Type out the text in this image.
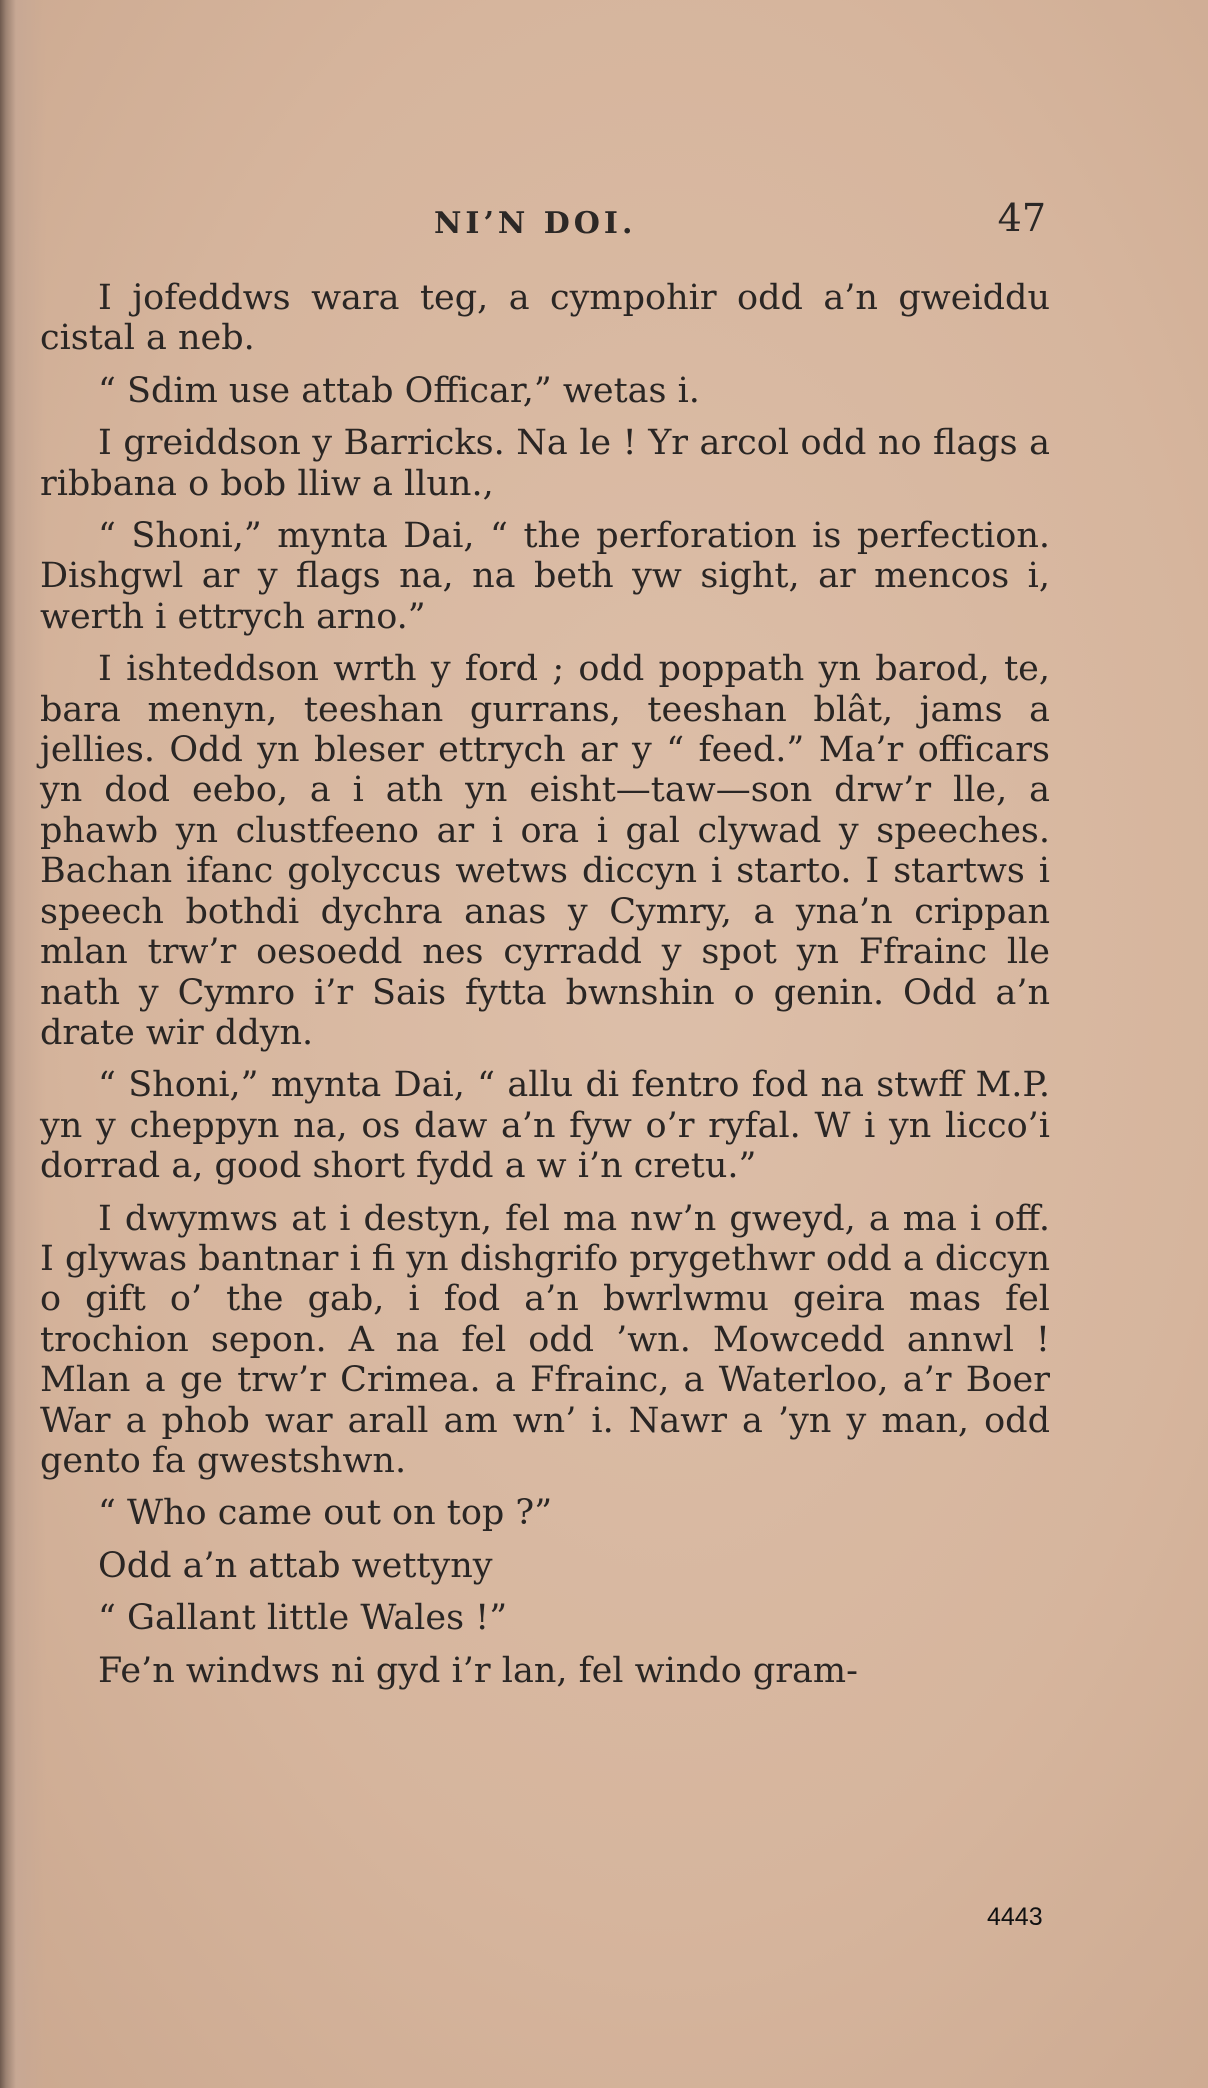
NI’N DOI.	47

I jofeddws wara teg, a cympohir odd a’n gweiddu cistal a neb.

“ Sdim use attab Officar,” wetas i.

I greiddson y Barricks. Na le ! Yr arcol odd no flags a ribbana o bob lliw a llun.,

“ Shoni,” mynta Dai, “ the perforation is perfection. Dishgwl ar y flags na, na beth yw sight, ar mencos i, werth i ettrych arno.”

I ishteddson wrth y ford ; odd poppath yn barod, te, bara menyn, teeshan gurrans, teeshan blât, jams a jellies. Odd yn bleser ettrych ar y “ feed.” Ma’r officars yn dod eebo, a i ath yn eisht—taw—son drw’r lle, a phawb yn clustfeeno ar i ora i gal clywad y speeches. Bachan ifanc golyccus wetws diccyn i starto. I startws i speech bothdi dychra anas y Cymry, a yna’n crippan mlan trw’r oesoedd nes cyrradd y spot yn Ffrainc lle nath y Cymro i’r Sais fytta bwnshin o genin. Odd a’n drate wir ddyn.

“ Shoni,” mynta Dai, “ allu di fentro fod na stwff M.P. yn y cheppyn na, os daw a’n fyw o’r ryfal. W i yn licco’i dorrad a, good short fydd a w i’n cretu.”

I dwymws at i destyn, fel ma nw’n gweyd, a ma i off. I glywas bantnar i fi yn dishgrifo prygethwr odd a diccyn o gift o’ the gab, i fod a’n bwrlwmu geira mas fel trochion sepon. A na fel odd ’wn. Mowcedd annwl ! Mlan a ge trw’r Crimea. a Ffrainc, a Waterloo, a’r Boer War a phob war arall am wn’ i. Nawr a ’yn y man, odd gento fa gwestshwn.

“ Who came out on top ?”

Odd a’n attab wettyny

“ Gallant little Wales !”

Fe’n windws ni gyd i’r lan, fel windo gram-

4443
